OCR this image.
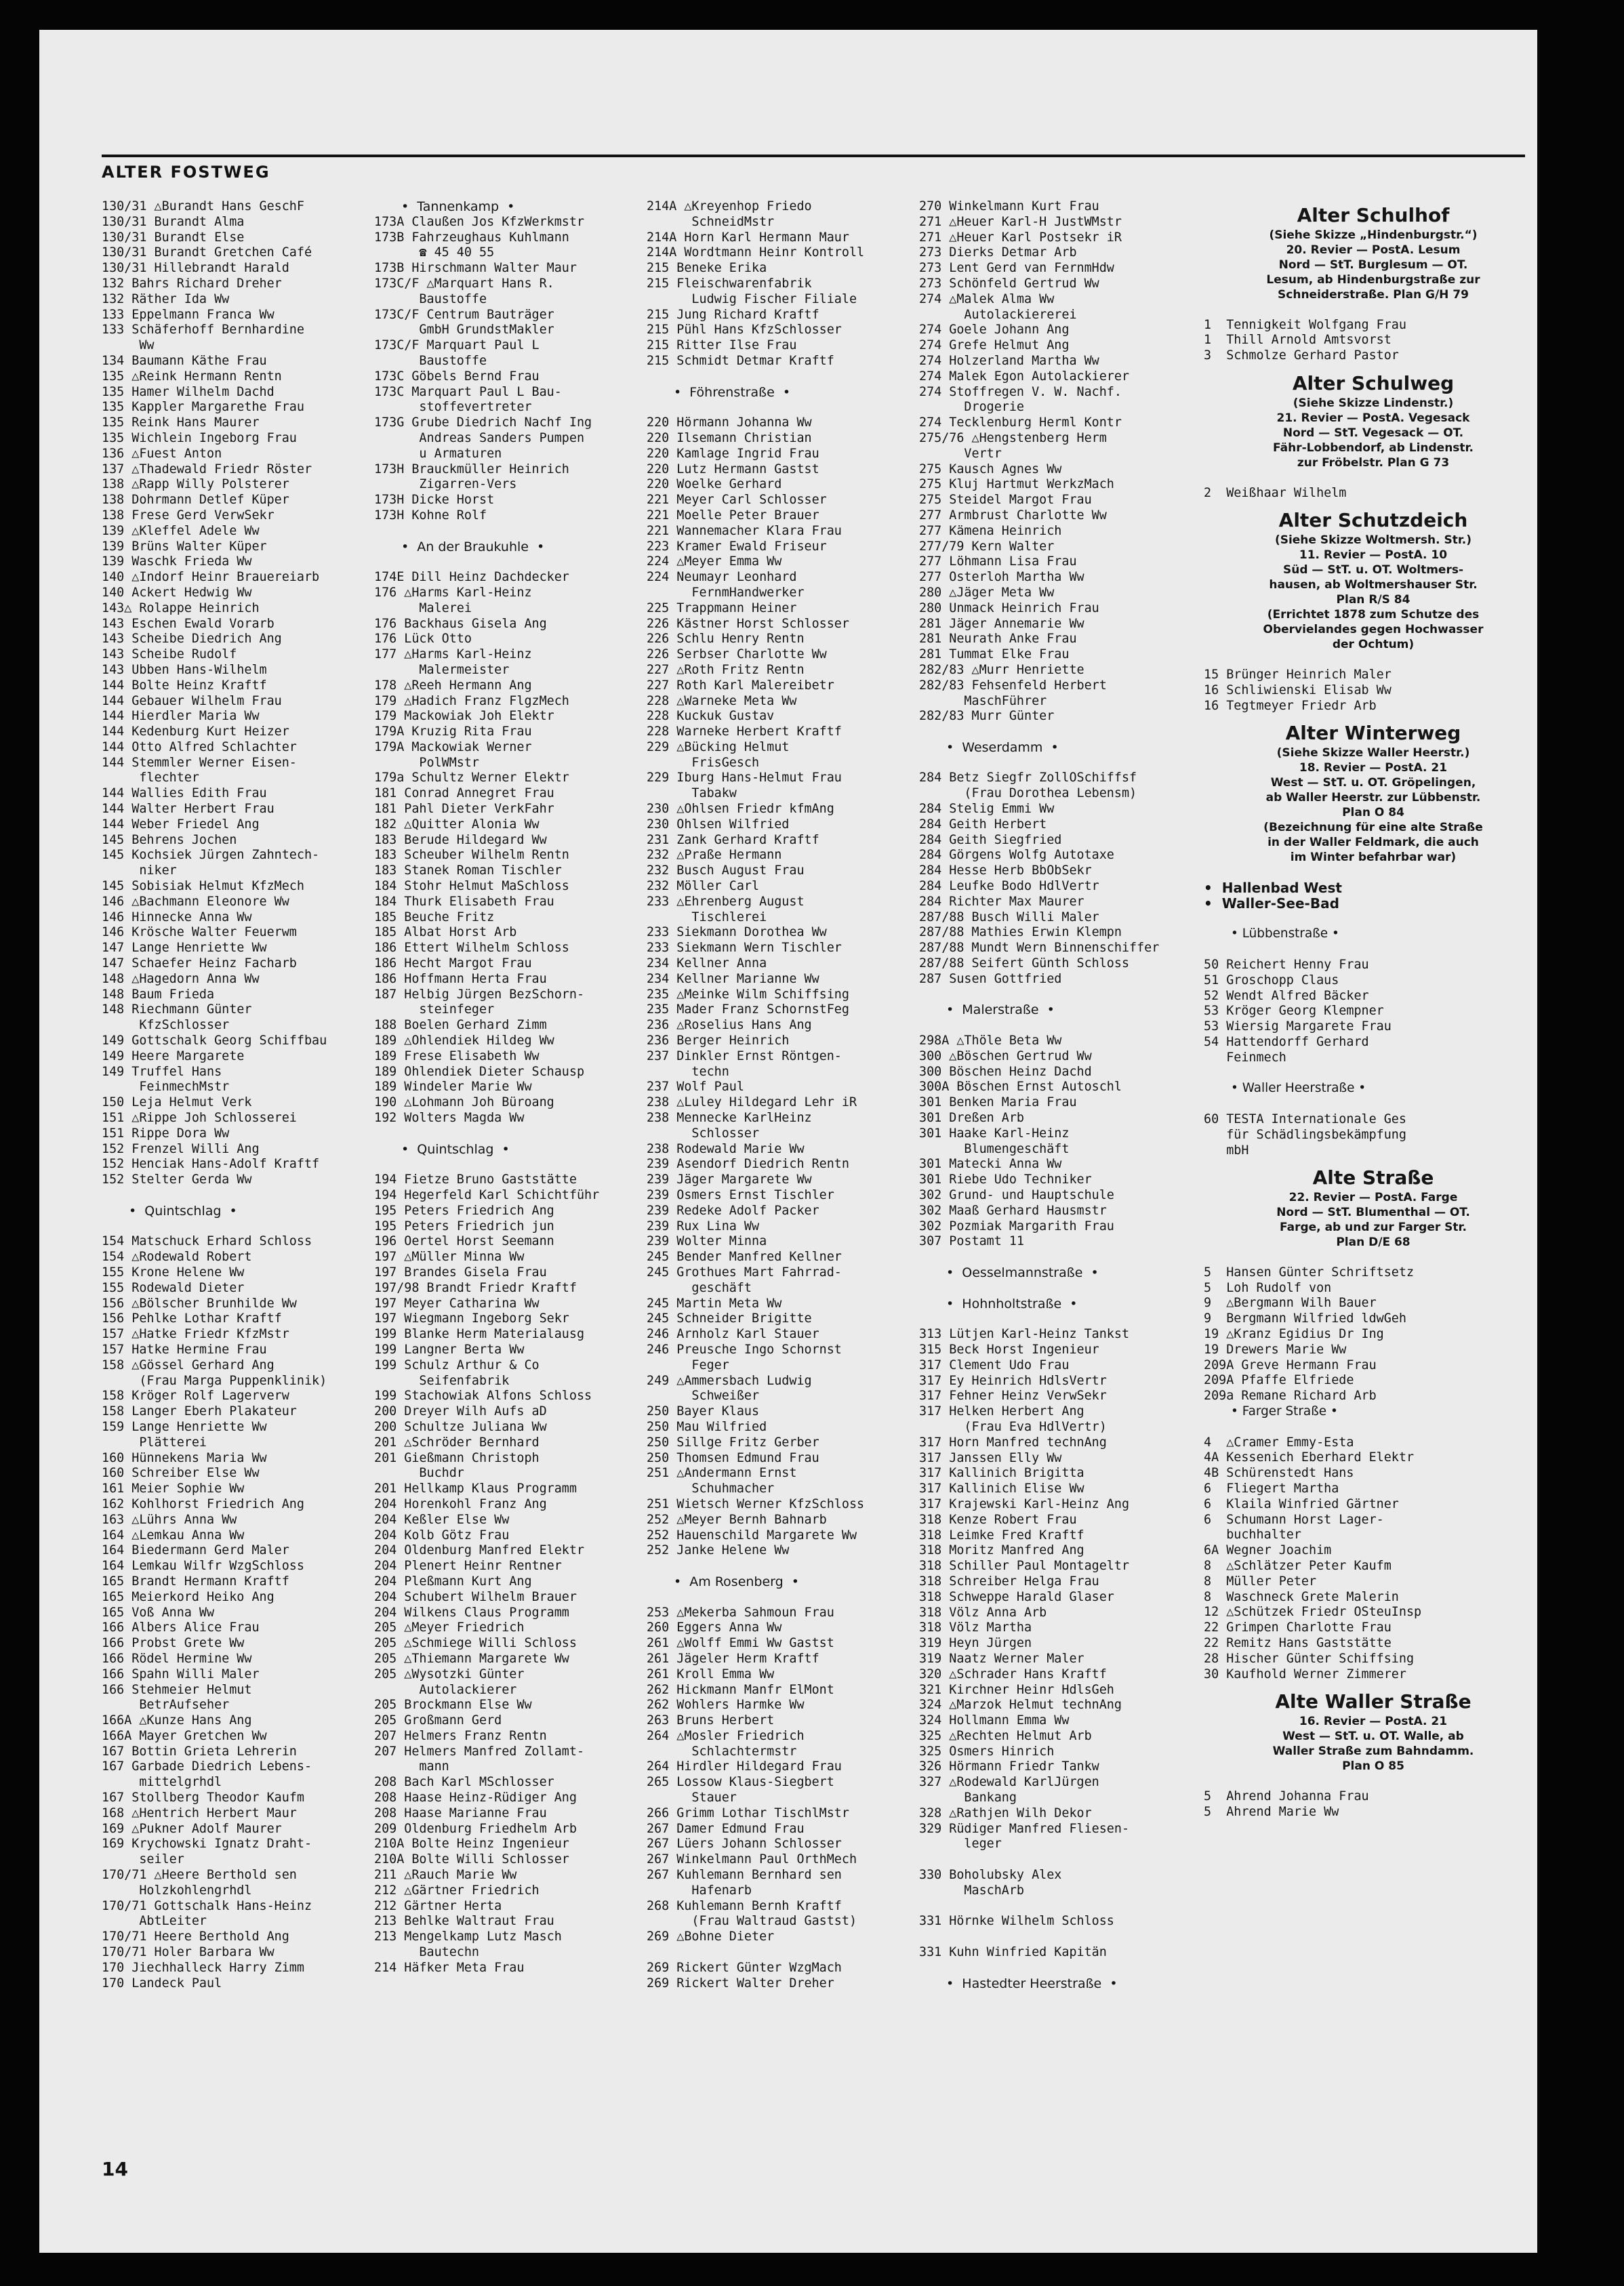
ALTER FOSTWEG
130/31 △Burandt Hans GeschF
130/31 Burandt Alma
130/31 Burandt Else
130/31 Burandt Gretchen Café
130/31 Hillebrandt Harald
132 Bahrs Richard Dreher
132 Räther Ida Ww
133 Eppelmann Franca Ww
133 Schäferhoff Bernhardine
Ww
134 Baumann Käthe Frau
135 △Reink Hermann Rentn
135 Hamer Wilhelm Dachd
135 Kappler Margarethe Frau
135 Reink Hans Maurer
135 Wichlein Ingeborg Frau
136 △Fuest Anton
137 △Thadewald Friedr Röster
138 △Rapp Willy Polsterer
138 Dohrmann Detlef Küper
138 Frese Gerd VerwSekr
139 △Kleffel Adele Ww
139 Brüns Walter Küper
139 Waschk Frieda Ww
140 △Indorf Heinr Brauereiarb
140 Ackert Hedwig Ww
143△ Rolappe Heinrich
143 Eschen Ewald Vorarb
143 Scheibe Diedrich Ang
143 Scheibe Rudolf
143 Ubben Hans-Wilhelm
144 Bolte Heinz Kraftf
144 Gebauer Wilhelm Frau
144 Hierdler Maria Ww
144 Kedenburg Kurt Heizer
144 Otto Alfred Schlachter
144 Stemmler Werner Eisen-
flechter
144 Wallies Edith Frau
144 Walter Herbert Frau
144 Weber Friedel Ang
145 Behrens Jochen
145 Kochsiek Jürgen Zahntech-
niker
145 Sobisiak Helmut KfzMech
146 △Bachmann Eleonore Ww
146 Hinnecke Anna Ww
146 Krösche Walter Feuerwm
147 Lange Henriette Ww
147 Schaefer Heinz Facharb
148 △Hagedorn Anna Ww
148 Baum Frieda
148 Riechmann Günter
KfzSchlosser
149 Gottschalk Georg Schiffbau
149 Heere Margarete
149 Truffel Hans
FeinmechMstr
150 Leja Helmut Verk
151 △Rippe Joh Schlosserei
151 Rippe Dora Ww
152 Frenzel Willi Ang
152 Henciak Hans-Adolf Kraftf
152 Stelter Gerda Ww
•  Quintschlag  •
154 Matschuck Erhard Schloss
154 △Rodewald Robert
155 Krone Helene Ww
155 Rodewald Dieter
156 △Bölscher Brunhilde Ww
156 Pehlke Lothar Kraftf
157 △Hatke Friedr KfzMstr
157 Hatke Hermine Frau
158 △Gössel Gerhard Ang
(Frau Marga Puppenklinik)
158 Kröger Rolf Lagerverw
158 Langer Eberh Plakateur
159 Lange Henriette Ww
Plätterei
160 Hünnekens Maria Ww
160 Schreiber Else Ww
161 Meier Sophie Ww
162 Kohlhorst Friedrich Ang
163 △Lührs Anna Ww
164 △Lemkau Anna Ww
164 Biedermann Gerd Maler
164 Lemkau Wilfr WzgSchloss
165 Brandt Hermann Kraftf
165 Meierkord Heiko Ang
165 Voß Anna Ww
166 Albers Alice Frau
166 Probst Grete Ww
166 Rödel Hermine Ww
166 Spahn Willi Maler
166 Stehmeier Helmut
BetrAufseher
166A △Kunze Hans Ang
166A Mayer Gretchen Ww
167 Bottin Grieta Lehrerin
167 Garbade Diedrich Lebens-
mittelgrhdl
167 Stollberg Theodor Kaufm
168 △Hentrich Herbert Maur
169 △Pukner Adolf Maurer
169 Krychowski Ignatz Draht-
seiler
170/71 △Heere Berthold sen
Holzkohlengrhdl
170/71 Gottschalk Hans-Heinz
AbtLeiter
170/71 Heere Berthold Ang
170/71 Holer Barbara Ww
170 Jiechhalleck Harry Zimm
170 Landeck Paul
•  Tannenkamp  •
173A Claußen Jos KfzWerkmstr
173B Fahrzeughaus Kuhlmann
☎ 45 40 55
173B Hirschmann Walter Maur
173C/F △Marquart Hans R.
Baustoffe
173C/F Centrum Bauträger
GmbH GrundstMakler
173C/F Marquart Paul L
Baustoffe
173C Göbels Bernd Frau
173C Marquart Paul L Bau-
stoffevertreter
173G Grube Diedrich Nachf Ing
Andreas Sanders Pumpen
u Armaturen
173H Brauckmüller Heinrich
Zigarren-Vers
173H Dicke Horst
173H Kohne Rolf
•  An der Braukuhle  •
174E Dill Heinz Dachdecker
176 △Harms Karl-Heinz
Malerei
176 Backhaus Gisela Ang
176 Lück Otto
177 △Harms Karl-Heinz
Malermeister
178 △Reeh Hermann Ang
179 △Hadich Franz FlgzMech
179 Mackowiak Joh Elektr
179A Kruzig Rita Frau
179A Mackowiak Werner
PolWMstr
179a Schultz Werner Elektr
181 Conrad Annegret Frau
181 Pahl Dieter VerkFahr
182 △Quitter Alonia Ww
183 Berude Hildegard Ww
183 Scheuber Wilhelm Rentn
183 Stanek Roman Tischler
184 Stohr Helmut MaSchloss
184 Thurk Elisabeth Frau
185 Beuche Fritz
185 Albat Horst Arb
186 Ettert Wilhelm Schloss
186 Hecht Margot Frau
186 Hoffmann Herta Frau
187 Helbig Jürgen BezSchorn-
steinfeger
188 Boelen Gerhard Zimm
189 △Ohlendiek Hildeg Ww
189 Frese Elisabeth Ww
189 Ohlendiek Dieter Schausp
189 Windeler Marie Ww
190 △Lohmann Joh Büroang
192 Wolters Magda Ww
•  Quintschlag  •
194 Fietze Bruno Gaststätte
194 Hegerfeld Karl Schichtführ
195 Peters Friedrich Ang
195 Peters Friedrich jun
196 Oertel Horst Seemann
197 △Müller Minna Ww
197 Brandes Gisela Frau
197/98 Brandt Friedr Kraftf
197 Meyer Catharina Ww
197 Wiegmann Ingeborg Sekr
199 Blanke Herm Materialausg
199 Langner Berta Ww
199 Schulz Arthur & Co
Seifenfabrik
199 Stachowiak Alfons Schloss
200 Dreyer Wilh Aufs aD
200 Schultze Juliana Ww
201 △Schröder Bernhard
201 Gießmann Christoph
Buchdr
201 Hellkamp Klaus Programm
204 Horenkohl Franz Ang
204 Keßler Else Ww
204 Kolb Götz Frau
204 Oldenburg Manfred Elektr
204 Plenert Heinr Rentner
204 Pleßmann Kurt Ang
204 Schubert Wilhelm Brauer
204 Wilkens Claus Programm
205 △Meyer Friedrich
205 △Schmiege Willi Schloss
205 △Thiemann Margarete Ww
205 △Wysotzki Günter
Autolackierer
205 Brockmann Else Ww
205 Großmann Gerd
207 Helmers Franz Rentn
207 Helmers Manfred Zollamt-
mann
208 Bach Karl MSchlosser
208 Haase Heinz-Rüdiger Ang
208 Haase Marianne Frau
209 Oldenburg Friedhelm Arb
210A Bolte Heinz Ingenieur
210A Bolte Willi Schlosser
211 △Rauch Marie Ww
212 △Gärtner Friedrich
212 Gärtner Herta
213 Behlke Waltraut Frau
213 Mengelkamp Lutz Masch
Bautechn
214 Häfker Meta Frau
214A △Kreyenhop Friedo
SchneidMstr
214A Horn Karl Hermann Maur
214A Wordtmann Heinr Kontroll
215 Beneke Erika
215 Fleischwarenfabrik
Ludwig Fischer Filiale
215 Jung Richard Kraftf
215 Pühl Hans KfzSchlosser
215 Ritter Ilse Frau
215 Schmidt Detmar Kraftf
•  Föhrenstraße  •
220 Hörmann Johanna Ww
220 Ilsemann Christian
220 Kamlage Ingrid Frau
220 Lutz Hermann Gastst
220 Woelke Gerhard
221 Meyer Carl Schlosser
221 Moelle Peter Brauer
221 Wannemacher Klara Frau
223 Kramer Ewald Friseur
224 △Meyer Emma Ww
224 Neumayr Leonhard
FernmHandwerker
225 Trappmann Heiner
226 Kästner Horst Schlosser
226 Schlu Henry Rentn
226 Serbser Charlotte Ww
227 △Roth Fritz Rentn
227 Roth Karl Malereibetr
228 △Warneke Meta Ww
228 Kuckuk Gustav
228 Warneke Herbert Kraftf
229 △Bücking Helmut
FrisGesch
229 Iburg Hans-Helmut Frau
Tabakw
230 △Ohlsen Friedr kfmAng
230 Ohlsen Wilfried
231 Zank Gerhard Kraftf
232 △Praße Hermann
232 Busch August Frau
232 Möller Carl
233 △Ehrenberg August
Tischlerei
233 Siekmann Dorothea Ww
233 Siekmann Wern Tischler
234 Kellner Anna
234 Kellner Marianne Ww
235 △Meinke Wilm Schiffsing
235 Mader Franz SchornstFeg
236 △Roselius Hans Ang
236 Berger Heinrich
237 Dinkler Ernst Röntgen-
techn
237 Wolf Paul
238 △Luley Hildegard Lehr iR
238 Mennecke KarlHeinz
Schlosser
238 Rodewald Marie Ww
239 Asendorf Diedrich Rentn
239 Jäger Margarete Ww
239 Osmers Ernst Tischler
239 Redeke Adolf Packer
239 Rux Lina Ww
239 Wolter Minna
245 Bender Manfred Kellner
245 Grothues Mart Fahrrad-
geschäft
245 Martin Meta Ww
245 Schneider Brigitte
246 Arnholz Karl Stauer
246 Preusche Ingo Schornst
Feger
249 △Ammersbach Ludwig
Schweißer
250 Bayer Klaus
250 Mau Wilfried
250 Sillge Fritz Gerber
250 Thomsen Edmund Frau
251 △Andermann Ernst
Schuhmacher
251 Wietsch Werner KfzSchloss
252 △Meyer Bernh Bahnarb
252 Hauenschild Margarete Ww
252 Janke Helene Ww
•  Am Rosenberg  •
253 △Mekerba Sahmoun Frau
260 Eggers Anna Ww
261 △Wolff Emmi Ww Gastst
261 Jägeler Herm Kraftf
261 Kroll Emma Ww
262 Hickmann Manfr ElMont
262 Wohlers Harmke Ww
263 Bruns Herbert
264 △Mosler Friedrich
Schlachtermstr
264 Hirdler Hildegard Frau
265 Lossow Klaus-Siegbert
Stauer
266 Grimm Lothar TischlMstr
267 Damer Edmund Frau
267 Lüers Johann Schlosser
267 Winkelmann Paul OrthMech
267 Kuhlemann Bernhard sen
Hafenarb
268 Kuhlemann Bernh Kraftf
(Frau Waltraud Gastst)
269 △Bohne Dieter
269 Rickert Günter WzgMach
269 Rickert Walter Dreher
270 Winkelmann Kurt Frau
271 △Heuer Karl-H JustWMstr
271 △Heuer Karl Postsekr iR
273 Dierks Detmar Arb
273 Lent Gerd van FernmHdw
273 Schönfeld Gertrud Ww
274 △Malek Alma Ww
Autolackiererei
274 Goele Johann Ang
274 Grefe Helmut Ang
274 Holzerland Martha Ww
274 Malek Egon Autolackierer
274 Stoffregen V. W. Nachf.
Drogerie
274 Tecklenburg Herml Kontr
275/76 △Hengstenberg Herm
Vertr
275 Kausch Agnes Ww
275 Kluj Hartmut WerkzMach
275 Steidel Margot Frau
277 Armbrust Charlotte Ww
277 Kämena Heinrich
277/79 Kern Walter
277 Löhmann Lisa Frau
277 Osterloh Martha Ww
280 △Jäger Meta Ww
280 Unmack Heinrich Frau
281 Jäger Annemarie Ww
281 Neurath Anke Frau
281 Tummat Elke Frau
282/83 △Murr Henriette
282/83 Fehsenfeld Herbert
MaschFührer
282/83 Murr Günter
•  Weserdamm  •
284 Betz Siegfr ZollOSchiffsf
(Frau Dorothea Lebensm)
284 Stelig Emmi Ww
284 Geith Herbert
284 Geith Siegfried
284 Görgens Wolfg Autotaxe
284 Hesse Herb BbObSekr
284 Leufke Bodo HdlVertr
284 Richter Max Maurer
287/88 Busch Willi Maler
287/88 Mathies Erwin Klempn
287/88 Mundt Wern Binnenschiffer
287/88 Seifert Günth Schloss
287 Susen Gottfried
•  Malerstraße  •
298A △Thöle Beta Ww
300 △Böschen Gertrud Ww
300 Böschen Heinz Dachd
300A Böschen Ernst Autoschl
301 Benken Maria Frau
301 Dreßen Arb
301 Haake Karl-Heinz
Blumengeschäft
301 Matecki Anna Ww
301 Riebe Udo Techniker
302 Grund- und Hauptschule
302 Maaß Gerhard Hausmstr
302 Pozmiak Margarith Frau
307 Postamt 11
•  Oesselmannstraße  •
•  Hohnholtstraße  •
313 Lütjen Karl-Heinz Tankst
315 Beck Horst Ingenieur
317 Clement Udo Frau
317 Ey Heinrich HdlsVertr
317 Fehner Heinz VerwSekr
317 Helken Herbert Ang
(Frau Eva HdlVertr)
317 Horn Manfred technAng
317 Janssen Elly Ww
317 Kallinich Brigitta
317 Kallinich Elise Ww
317 Krajewski Karl-Heinz Ang
318 Kenze Robert Frau
318 Leimke Fred Kraftf
318 Moritz Manfred Ang
318 Schiller Paul Montageltr
318 Schreiber Helga Frau
318 Schweppe Harald Glaser
318 Völz Anna Arb
318 Völz Martha
319 Heyn Jürgen
319 Naatz Werner Maler
320 △Schrader Hans Kraftf
321 Kirchner Heinr HdlsGeh
324 △Marzok Helmut technAng
324 Hollmann Emma Ww
325 △Rechten Helmut Arb
325 Osmers Hinrich
326 Hörmann Friedr Tankw
327 △Rodewald KarlJürgen
Bankang
328 △Rathjen Wilh Dekor
329 Rüdiger Manfred Fliesen-
leger
330 Boholubsky Alex
MaschArb
331 Hörnke Wilhelm Schloss
331 Kuhn Winfried Kapitän
•  Hastedter Heerstraße  •
Alter Schulhof
(Siehe Skizze „Hindenburgstr.“)
20. Revier — PostA. Lesum
Nord — StT. Burglesum — OT.
Lesum, ab Hindenburgstraße zur
Schneiderstraße. Plan G/H 79
1  Tennigkeit Wolfgang Frau
1  Thill Arnold Amtsvorst
3  Schmolze Gerhard Pastor
Alter Schulweg
(Siehe Skizze Lindenstr.)
21. Revier — PostA. Vegesack
Nord — StT. Vegesack — OT.
Fähr-Lobbendorf, ab Lindenstr.
zur Fröbelstr. Plan G 73
2  Weißhaar Wilhelm
Alter Schutzdeich
(Siehe Skizze Woltmersh. Str.)
11. Revier — PostA. 10
Süd — StT. u. OT. Woltmers-
hausen, ab Woltmershauser Str.
Plan R/S 84
(Errichtet 1878 zum Schutze des
Obervielandes gegen Hochwasser
der Ochtum)
15 Brünger Heinrich Maler
16 Schliwienski Elisab Ww
16 Tegtmeyer Friedr Arb
Alter Winterweg
(Siehe Skizze Waller Heerstr.)
18. Revier — PostA. 21
West — StT. u. OT. Gröpelingen,
ab Waller Heerstr. zur Lübbenstr.
Plan O 84
(Bezeichnung für eine alte Straße
in der Waller Feldmark, die auch
im Winter befahrbar war)
•  Hallenbad West
•  Waller-See-Bad
• Lübbenstraße •
50 Reichert Henny Frau
51 Groschopp Claus
52 Wendt Alfred Bäcker
53 Kröger Georg Klempner
53 Wiersig Margarete Frau
54 Hattendorff Gerhard
Feinmech
• Waller Heerstraße •
60 TESTA Internationale Ges
für Schädlingsbekämpfung
mbH
Alte Straße
22. Revier — PostA. Farge
Nord — StT. Blumenthal — OT.
Farge, ab und zur Farger Str.
Plan D/E 68
5  Hansen Günter Schriftsetz
5  Loh Rudolf von
9  △Bergmann Wilh Bauer
9  Bergmann Wilfried ldwGeh
19 △Kranz Egidius Dr Ing
19 Drewers Marie Ww
209A Greve Hermann Frau
209A Pfaffe Elfriede
209a Remane Richard Arb
• Farger Straße •
4  △Cramer Emmy-Esta
4A Kessenich Eberhard Elektr
4B Schürenstedt Hans
6  Fliegert Martha
6  Klaila Winfried Gärtner
6  Schumann Horst Lager-
buchhalter
6A Wegner Joachim
8  △Schlätzer Peter Kaufm
8  Müller Peter
8  Waschneck Grete Malerin
12 △Schützek Friedr OSteuInsp
22 Grimpen Charlotte Frau
22 Remitz Hans Gaststätte
28 Hischer Günter Schiffsing
30 Kaufhold Werner Zimmerer
Alte Waller Straße
16. Revier — PostA. 21
West — StT. u. OT. Walle, ab
Waller Straße zum Bahndamm.
Plan O 85
5  Ahrend Johanna Frau
5  Ahrend Marie Ww
14
